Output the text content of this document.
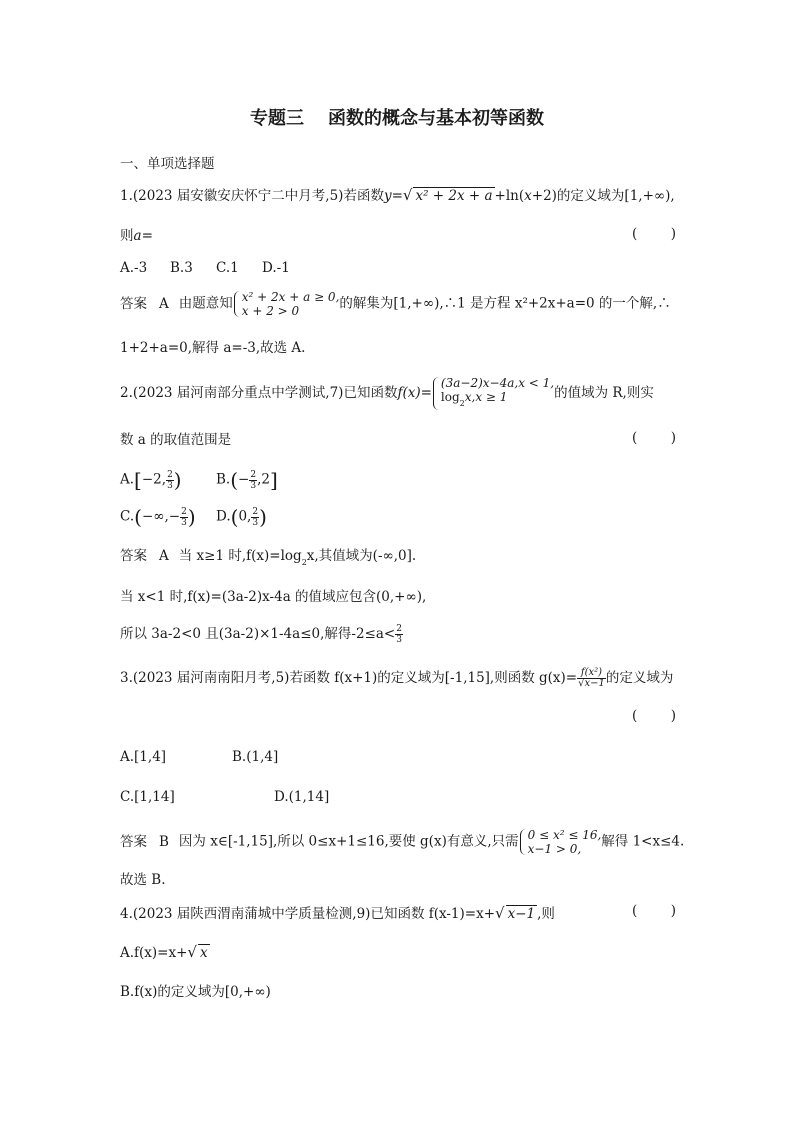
专题三 函数的概念与基本初等函数
一、单项选择题
1.(2023 届安徽安庆怀宁二中月考,5)若函数y=√ x² + 2x + a +ln(x+2)的定义域为[1,+∞),
则a=	( )
A.-3 B.3 C.1 D.-1
答案 A 由题意知 x² + 2x + a ≥ 0,
x + 2 > 0	的解集为[1,+∞),∴1 是方程 x²+2x+a=0 的一个解,∴
1+2+a=0,解得 a=-3,故选 A.
2.(2023 届河南部分重点中学测试,7)已知函数f(x)=
(3a−2)x−4a,x < 1,
$\log_2x,x \ge 1$	的值域为 R,则实
数 a 的取值范围是	( )
A.[−2, $\frac{2}{3}$ )	$B.(- \frac{2}{3} ,2]$
$C.(-\infty,- \frac{2}{3}$ ) D.(0, $\frac{2}{3}$ )
答案 A 当 x≥1 时$,f(x)=\log_2x$,其值域为(-∞,0].
当 x<1 时,f(x)=(3a-2)x-4a 的值域应包含(0,+∞),
所以 3a-2<0 且(3a-2)×1-4a≤0,解得$-2\le a< \frac{2}{3}$
3.(2023 届河南南阳月考,5)若函数 f(x+1)的定义域为[-1,15],则函数 $g(x)= \frac{\text{f(x²)}}{√x-1}$ 的定义域为
( )
A.[1,4]	B.(1,4]
C.[1,14]	D.(1,14]
答案 B 因为 x∈[-1,15],所以 0≤x+1≤16,要使 g(x)有意义,只需 0 ≤ x² ≤ 16,
x−1 > 0,	解得 1<x≤4.
故选 B.
4.(2023 届陕西渭南蒲城中学质量检测,9)已知函数 f(x-1)=x+√ x−1 ,则	( )
A.f(x)=x+√ x
B.f(x)的定义域为[0,+∞)
